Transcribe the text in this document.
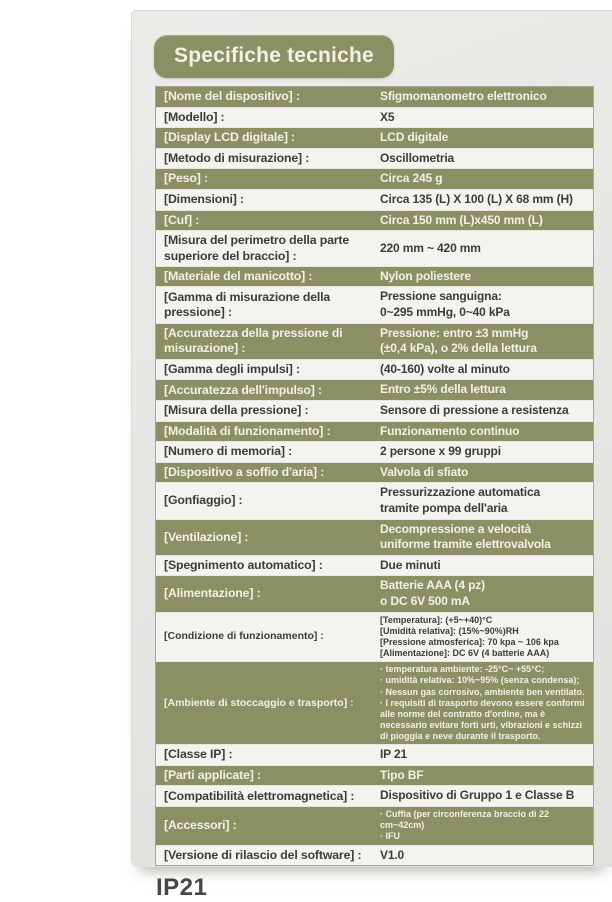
Specifiche tecniche
[Nome del dispositivo] :	Sfigmomanometro elettronico
[Modello] :	X5
[Display LCD digitale] :	LCD digitale
[Metodo di misurazione] :	Oscillometria
[Peso] :	Circa 245 g
[Dimensioni] :	Circa 135 (L) X 100 (L) X 68 mm (H)
[Cuf] :	Circa 150 mm (L)x450 mm (L)
[Misura del perimetro della parte superiore del braccio] :
220 mm ~ 420 mm
[Materiale del manicotto] :	Nylon poliestere
[Gamma di misurazione della pressione] :
Pressione sanguigna:
0~295 mmHg, 0~40 kPa
[Accuratezza della pressione di misurazione] :
Pressione: entro ±3 mmHg
(±0,4 kPa), o 2% della lettura
[Gamma degli impulsi] :	(40-160) volte al minuto
[Accuratezza dell'impulso] :	Entro ±5% della lettura
[Misura della pressione] :	Sensore di pressione a resistenza
[Modalità di funzionamento] :	Funzionamento continuo
[Numero di memoria] :	2 persone x 99 gruppi
[Dispositivo a soffio d'aria] :	Valvola di sfiato
[Gonfiaggio] :
Pressurizzazione automatica
tramite pompa dell'aria
[Ventilazione] :
Decompressione a velocità
uniforme tramite elettrovalvola
[Spegnimento automatico] :	Due minuti
[Alimentazione] :
Batterie AAA (4 pz)
o DC 6V 500 mA
[Condizione di funzionamento] :
[Temperatura]: (+5~+40)°C
[Umidità relativa]: (15%~90%)RH
[Pressione atmosferica]: 70 kpa ~ 106 kpa
[Alimentazione]: DC 6V (4 batterie AAA)
[Ambiente di stoccaggio e trasporto] :
· temperatura ambiente: -25°C~ +55°C;
· umidità relativa: 10%~95% (senza condensa);
· Nessun gas corrosivo, ambiente ben ventilato.
· I requisiti di trasporto devono essere conformi alle norme del contratto d'ordine, ma è necessario evitare forti urti, vibrazioni e schizzi di pioggia e neve durante il trasporto.
[Classe IP] :	IP 21
[Parti applicate] :	Tipo BF
[Compatibilità elettromagnetica] :	Dispositivo di Gruppo 1 e Classe B
[Accessori] :
· Cuffia (per circonferenza braccio di 22 cm~42cm)
· IFU
[Versione di rilascio del software] :	V1.0
IP21
